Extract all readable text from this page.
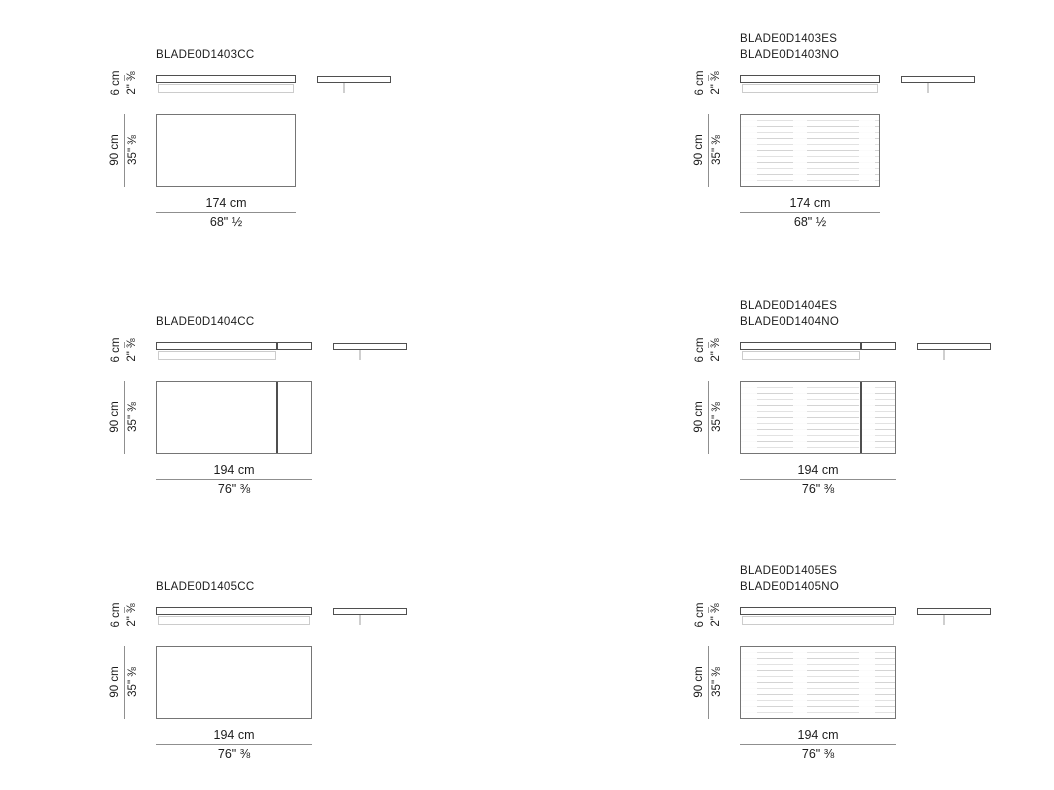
BLADE0D1403CC
6 cm 2" ⅜
90 cm 35" ⅜
174 cm
68" ½
BLADE0D1404CC
6 cm 2" ⅜
90 cm 35" ⅜
194 cm
76" ⅜
BLADE0D1405CC
6 cm 2" ⅜
90 cm 35" ⅜
194 cm
76" ⅜
BLADE0D1403ES
BLADE0D1403NO
6 cm 2" ⅜
90 cm 35" ⅜
174 cm
68" ½
BLADE0D1404ES
BLADE0D1404NO
6 cm 2" ⅜
90 cm 35" ⅜
194 cm
76" ⅜
BLADE0D1405ES
BLADE0D1405NO
6 cm 2" ⅜
90 cm 35" ⅜
194 cm
76" ⅜
